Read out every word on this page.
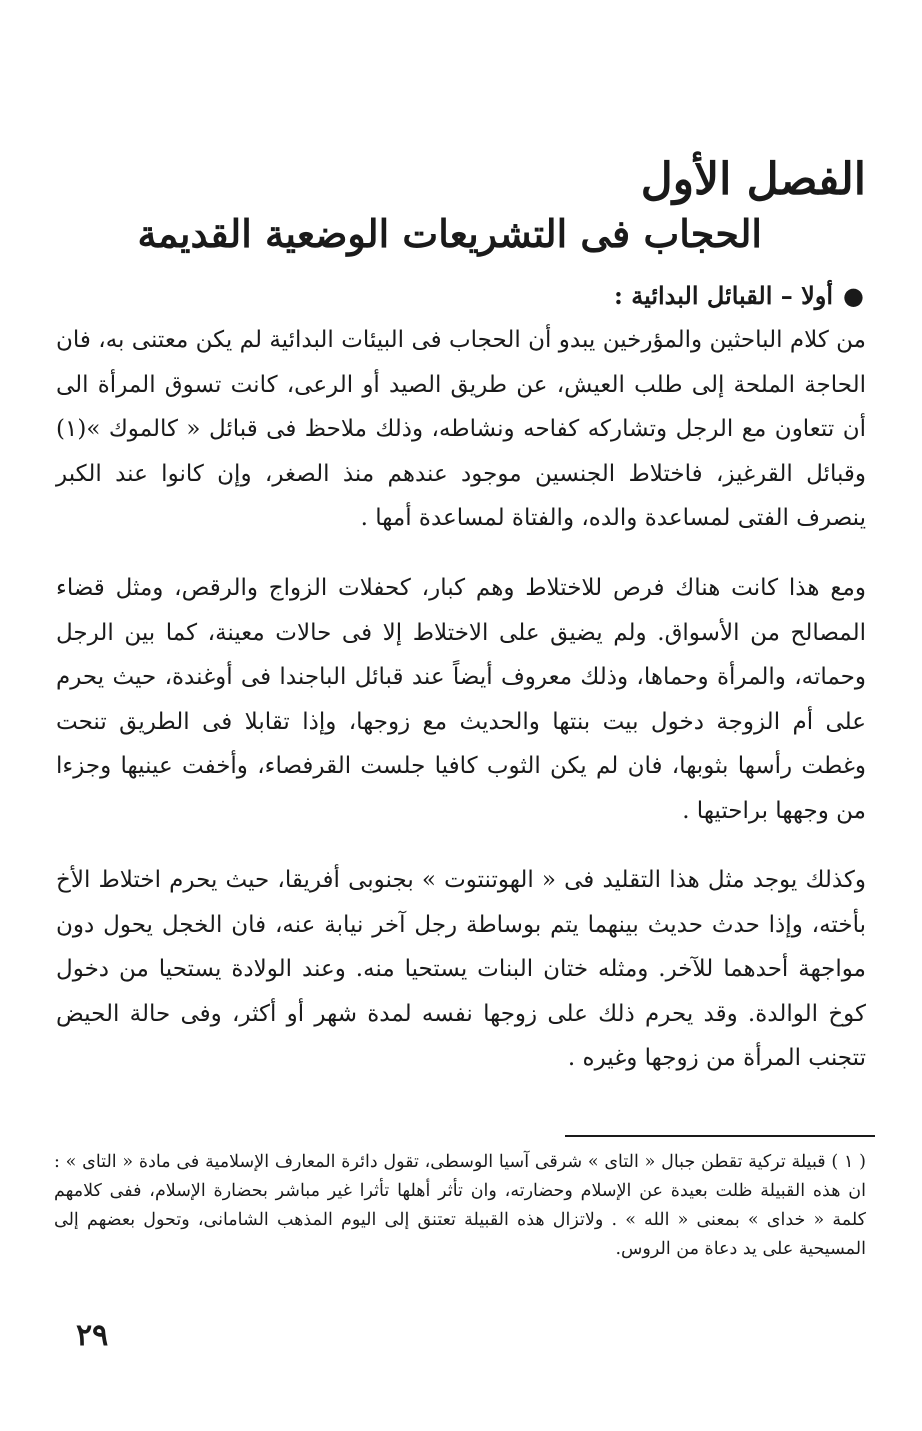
الفصل الأول
الحجاب فى التشريعات الوضعية القديمة
●أولا – القبائل البدائية :

من كلام الباحثين والمؤرخين يبدو أن الحجاب فى البيئات البدائية لم يكن معتنى به، فان الحاجة الملحة إلى طلب العيش، عن طريق الصيد أو الرعى، كانت تسوق المرأة الى أن تتعاون مع الرجل وتشاركه كفاحه ونشاطه، وذلك ملاحظ فى قبائل « كالموك »(١) وقبائل القرغيز، فاختلاط الجنسين موجود عندهم منذ الصغر، وإن كانوا عند الكبر ينصرف الفتى لمساعدة والده، والفتاة لمساعدة أمها .

ومع هذا كانت هناك فرص للاختلاط وهم كبار، كحفلات الزواج والرقص، ومثل قضاء المصالح من الأسواق. ولم يضيق على الاختلاط إلا فى حالات معينة، كما بين الرجل وحماته، والمرأة وحماها، وذلك معروف أيضاً عند قبائل الباجندا فى أوغندة، حيث يحرم على أم الزوجة دخول بيت بنتها والحديث مع زوجها، وإذا تقابلا فى الطريق تنحت وغطت رأسها بثوبها، فان لم يكن الثوب كافيا جلست القرفصاء، وأخفت عينيها وجزءا من وجهها براحتيها .

وكذلك يوجد مثل هذا التقليد فى « الهوتنتوت » بجنوبى أفريقا، حيث يحرم اختلاط الأخ بأخته، وإذا حدث حديث بينهما يتم بوساطة رجل آخر نيابة عنه، فان الخجل يحول دون مواجهة أحدهما للآخر. ومثله ختان البنات يستحيا منه. وعند الولادة يستحيا من دخول كوخ الوالدة. وقد يحرم ذلك على زوجها نفسه لمدة شهر أو أكثر، وفى حالة الحيض تتجنب المرأة من زوجها وغيره .

( ١ ) قبيلة تركية تقطن جبال « التاى » شرقى آسيا الوسطى، تقول دائرة المعارف الإسلامية فى مادة « التاى » : ان هذه القبيلة ظلت بعيدة عن الإسلام وحضارته، وان تأثر أهلها تأثرا غير مباشر بحضارة الإسلام، ففى كلامهم كلمة « خداى » بمعنى « الله » . ولاتزال هذه القبيلة تعتنق إلى اليوم المذهب الشامانى، وتحول بعضهم إلى المسيحية على يد دعاة من الروس.

٢٩
